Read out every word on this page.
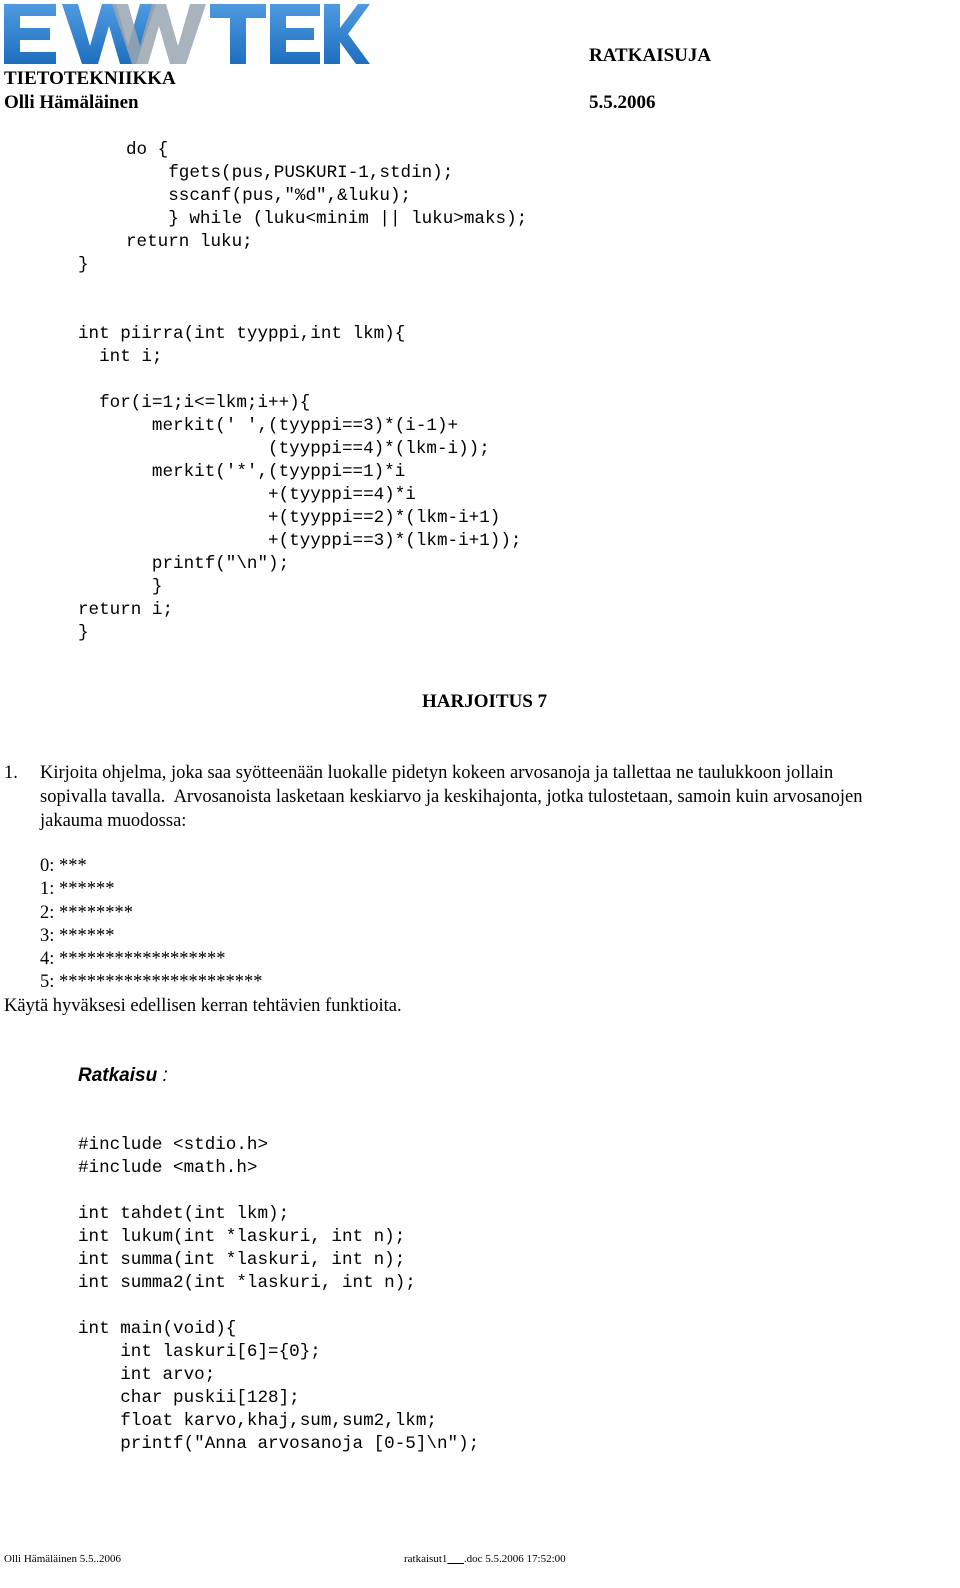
TIETOTEKNIIKKA
Olli Hämäläinen
RATKAISUJA
5.5.2006
do {
fgets(pus,PUSKURI-1,stdin);
sscanf(pus,"%d",&luku);
} while (luku<minim || luku>maks);
return luku;
}
int piirra(int tyyppi,int lkm){
int i;
for(i=1;i<=lkm;i++){
merkit(' ',(tyyppi==3)*(i-1)+
(tyyppi==4)*(lkm-i));
merkit('*',(tyyppi==1)*i
+(tyyppi==4)*i
+(tyyppi==2)*(lkm-i+1)
+(tyyppi==3)*(lkm-i+1));
printf("\n");
}
return i;
}
HARJOITUS 7
1. Kirjoita ohjelma, joka saa syötteenään luokalle pidetyn kokeen arvosanoja ja tallettaa ne taulukkoon jollain
sopivalla tavalla.  Arvosanoista lasketaan keskiarvo ja keskihajonta, jotka tulostetaan, samoin kuin arvosanojen
jakauma muodossa:
0: ***
1: ******
2: ********
3: ******
4: ******************
5: **********************
Käytä hyväksesi edellisen kerran tehtävien funktioita.
Ratkaisu :
#include <stdio.h>
#include <math.h>
int tahdet(int lkm);
int lukum(int *laskuri, int n);
int summa(int *laskuri, int n);
int summa2(int *laskuri, int n);
int main(void){
int laskuri[6]={0};
int arvo;
char puskii[128];
float karvo,khaj,sum,sum2,lkm;
printf("Anna arvosanoja [0-5]\n");
Olli Hämäläinen 5.5..2006	ratkaisut1___.doc 5.5.2006 17:52:00
